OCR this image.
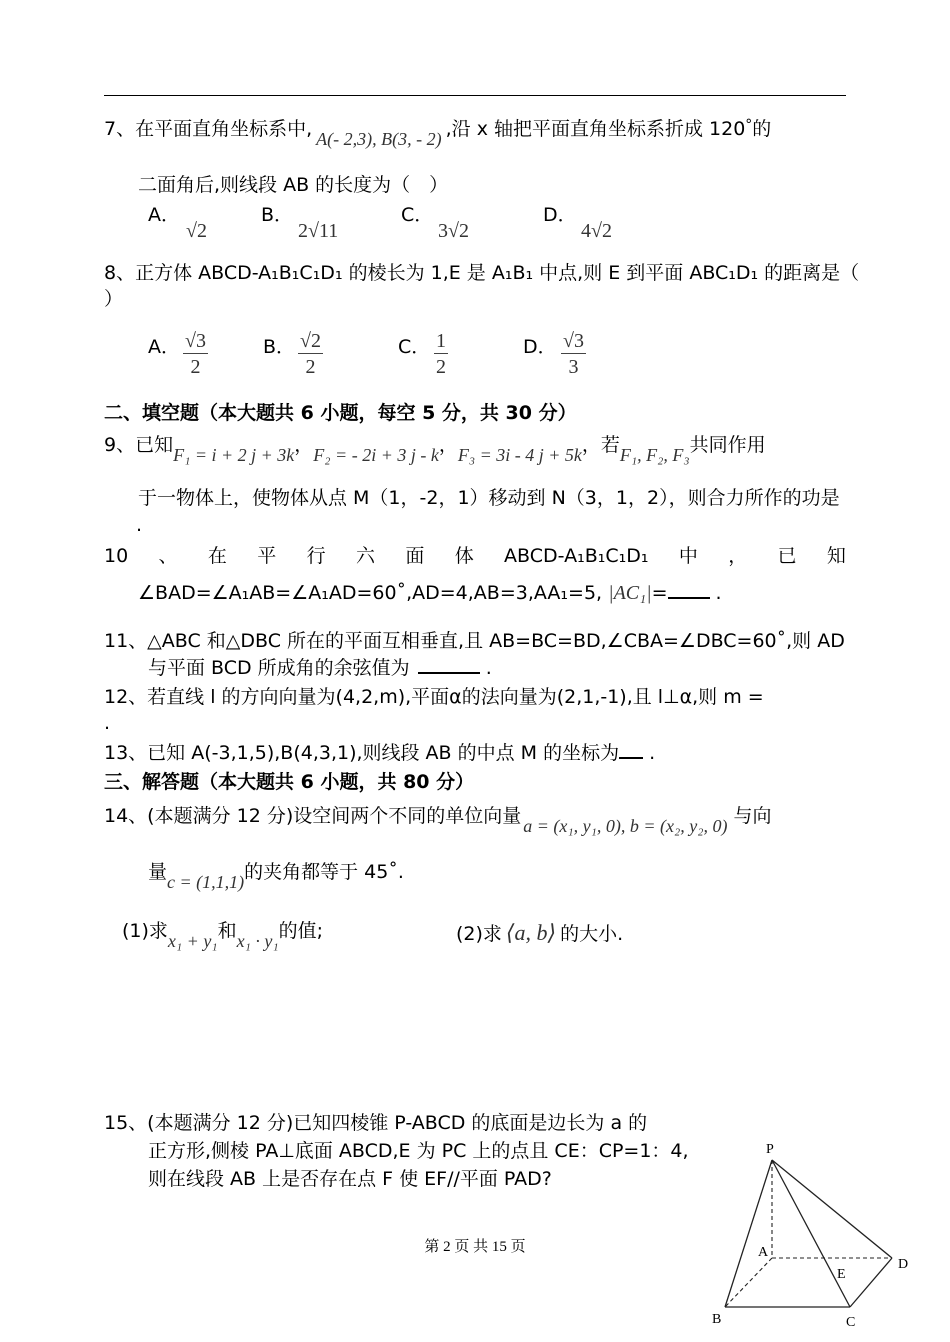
7、在平面直角坐标系中, A(- 2,3), B(3, - 2) ,沿 x 轴把平面直角坐标系折成 120°的
二面角后,则线段 AB 的长度为（　）
A．
√2
B．
2√11
C．
3√2
D．
4√2
8、正方体 ABCD-A₁B₁C₁D₁ 的棱长为 1,E 是 A₁B₁ 中点,则 E 到平面 ABC₁D₁ 的距离是（
）
A． $\frac{√3}{2}$	B． $\frac{√2}{2}$	C． $\frac{1}{2}$	D． $\frac{√3}{3}$
二、填空题（本大题共 6 小题，每空 5 分，共 30 分）
9、已知F₁ = i + 2 j + 3k，F₂ = - 2i + 3 j - k，F₃ = 3i - 4 j + 5k，若F₁, F₂, F₃共同作用
于一物体上，使物体从点 M（1，-2，1）移动到 N（3，1，2），则合力所作的功是
.
10 、 在 平 行 六 面 体 ABCD-A₁B₁C₁D₁ 中 ， 已 知
∠BAD=∠A₁AB=∠A₁AD=60˚,AD=4,AB=3,AA₁=5, |AC₁|= .
11、△ABC 和△DBC 所在的平面互相垂直,且 AB=BC=BD,∠CBA=∠DBC=60˚,则 AD
与平面 BCD 所成角的余弦值为	.
12、若直线 l 的方向向量为(4,2,m),平面α的法向量为(2,1,-1),且 l⊥α,则 m =
.
13、已知 A(-3,1,5),B(4,3,1),则线段 AB 的中点 M 的坐标为 .
三、解答题（本大题共 6 小题，共 80 分）
14、(本题满分 12 分)设空间两个不同的单位向量 a = (x₁, y₁, 0), b = (x₂, y₂, 0) 与向
量c = (1,1,1)的夹角都等于 45˚.
(1)求x₁ + y₁和x₁ · y₁的值;	(2)求 ⟨a, b⟩ 的大小.
15、(本题满分 12 分)已知四棱锥 P-ABCD 的底面是边长为 a 的
正方形,侧棱 PA⊥底面 ABCD,E 为 PC 上的点且 CE：CP=1：4,
则在线段 AB 上是否存在点 F 使 EF//平面 PAD?
P
A
E
D
B	C
第 2 页 共 15 页
